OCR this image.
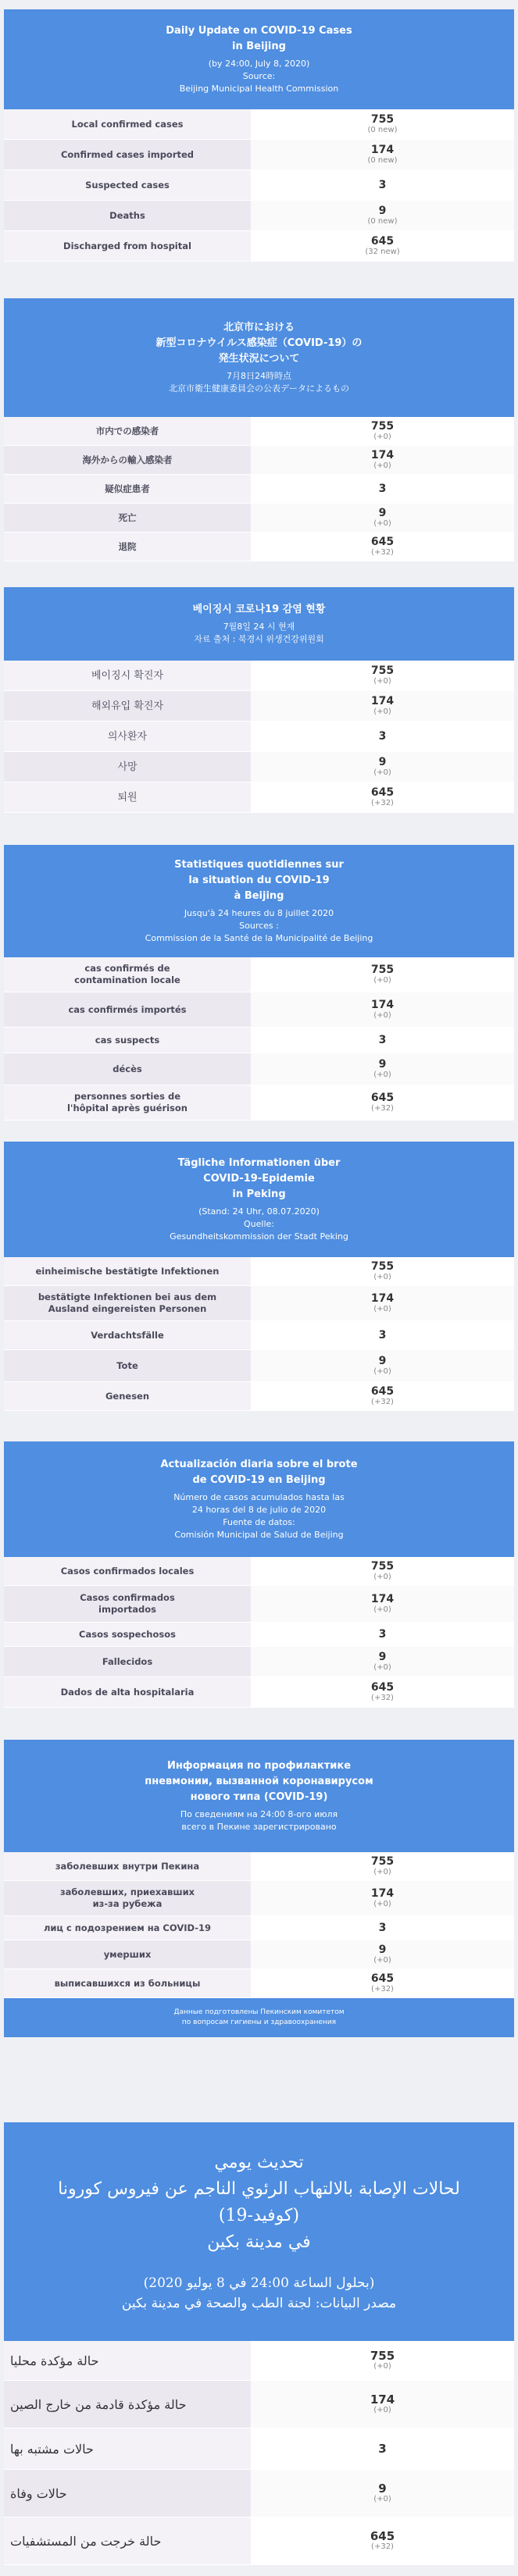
Daily Update on COVID-19 Cases
in Beijing
(by 24:00, July 8, 2020)
Source:
Beijing Municipal Health Commission
Local confirmed cases	755
(0 new)
Confirmed cases imported	174
(0 new)
Suspected cases	3
Deaths	9
(0 new)
Discharged from hospital	645
(32 new)
北京市における
新型コロナウイルス感染症（COVID-19）の
発生状況について
7月8日24時時点
北京市衛生健康委員会の公表データによるもの
市内での感染者	755
(+0)
海外からの輸入感染者	174
(+0)
疑似症患者	3
死亡	9
(+0)
退院	645
(+32)
베이징시 코로나19 감염 현황
7월8일 24 시 현재
자료 출처 : 북경시 위생건강위원회
베이징시 확진자	755
(+0)
해외유입 확진자	174
(+0)
의사환자	3
사망	9
(+0)
퇴원	645
(+32)
Statistiques quotidiennes sur
la situation du COVID-19
à Beijing
Jusqu'à 24 heures du 8 juillet 2020
Sources :
Commission de la Santé de la Municipalité de Beijing
cas confirmés de
contamination locale
755
(+0)
cas confirmés importés	174
(+0)
cas suspects	3
décès	9
(+0)
personnes sorties de
l'hôpital après guérison
645
(+32)
Tägliche Informationen über
COVID-19-Epidemie
in Peking
(Stand: 24 Uhr, 08.07.2020)
Quelle:
Gesundheitskommission der Stadt Peking
einheimische bestätigte Infektionen	755
(+0)
bestätigte Infektionen bei aus dem
Ausland eingereisten Personen
174
(+0)
Verdachtsfälle	3
Tote	9
(+0)
Genesen	645
(+32)
Actualización diaria sobre el brote
de COVID-19 en Beijing
Número de casos acumulados hasta las
24 horas del 8 de julio de 2020
Fuente de datos:
Comisión Municipal de Salud de Beijing
Casos confirmados locales	755
(+0)
Casos confirmados
importados
174
(+0)
Casos sospechosos	3
Fallecidos	9
(+0)
Dados de alta hospitalaria	645
(+32)
Информация по профилактике
пневмонии, вызванной коронавирусом
нового типа (COVID-19)
По сведениям на 24:00 8-ого июля
всего в Пекине зарегистрировано
заболевших внутри Пекина	755
(+0)
заболевших, приехавших
из-за рубежа
174
(+0)
лиц с подозрением на COVID-19	3
умерших	9
(+0)
выписавшихся из больницы	645
(+32)
Данные подготовлены Пекинским комитетом
по вопросам гигиены и здравоохранения
تحديث يومي
لحالات الإصابة بالالتهاب الرئوي الناجم عن فيروس كورونا (كوفيد-19)
في مدينة بكين
(بحلول الساعة 24:00 في 8 يوليو 2020)
مصدر البيانات: لجنة الطب والصحة في مدينة بكين
حالة مؤكدة محليا	755
(+0)
حالة مؤكدة قادمة من خارج الصين	174
(+0)
حالات مشتبه بها	3
حالات وفاة	9
(+0)
حالة خرجت من المستشفيات	645
(+32)
